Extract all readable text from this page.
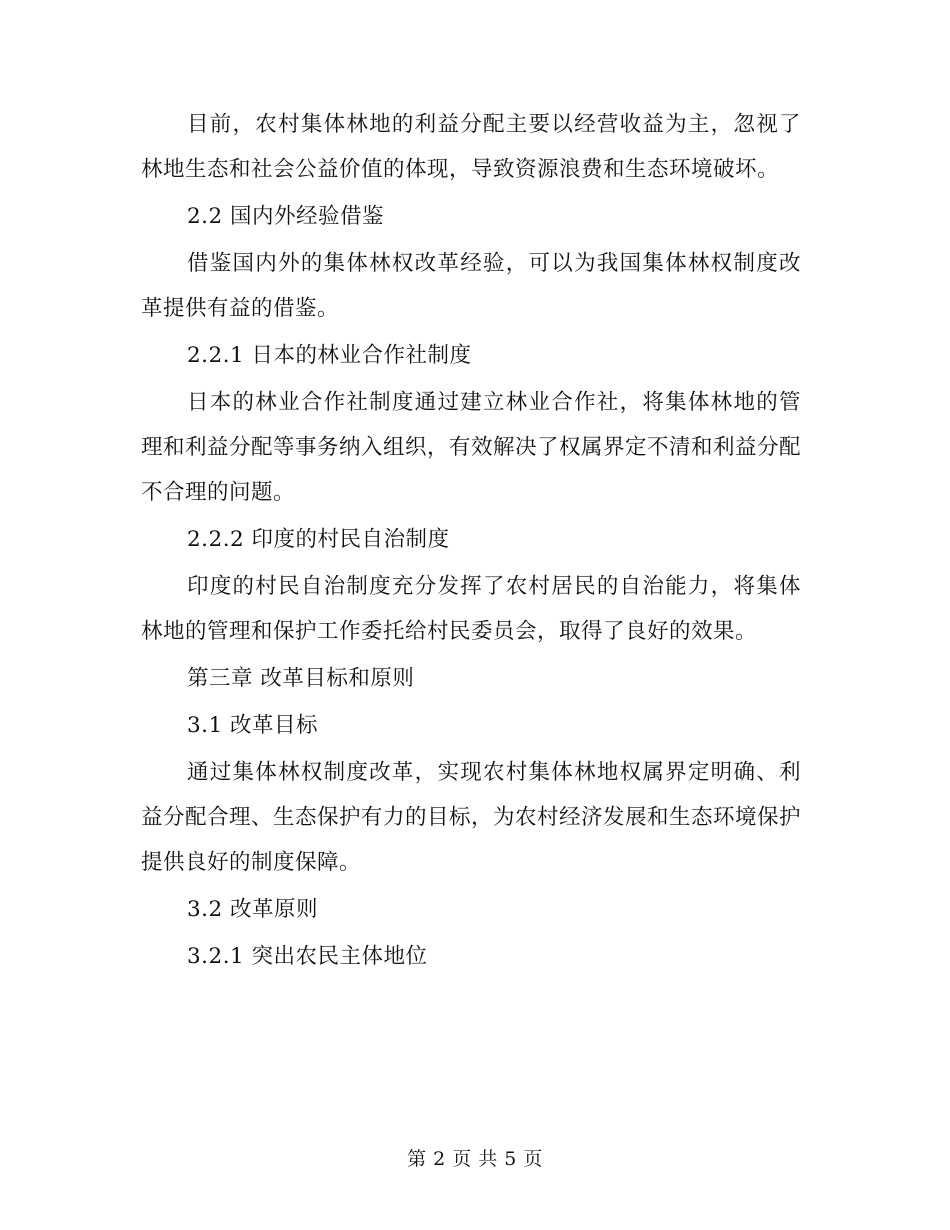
目前，农村集体林地的利益分配主要以经营收益为主，忽视了林地生态和社会公益价值的体现，导致资源浪费和生态环境破坏。

2.2 国内外经验借鉴

借鉴国内外的集体林权改革经验，可以为我国集体林权制度改革提供有益的借鉴。

2.2.1 日本的林业合作社制度

日本的林业合作社制度通过建立林业合作社，将集体林地的管理和利益分配等事务纳入组织，有效解决了权属界定不清和利益分配不合理的问题。

2.2.2 印度的村民自治制度

印度的村民自治制度充分发挥了农村居民的自治能力，将集体林地的管理和保护工作委托给村民委员会，取得了良好的效果。

第三章 改革目标和原则

3.1 改革目标

通过集体林权制度改革，实现农村集体林地权属界定明确、利益分配合理、生态保护有力的目标，为农村经济发展和生态环境保护提供良好的制度保障。

3.2 改革原则

3.2.1 突出农民主体地位

第 2 页 共 5 页
